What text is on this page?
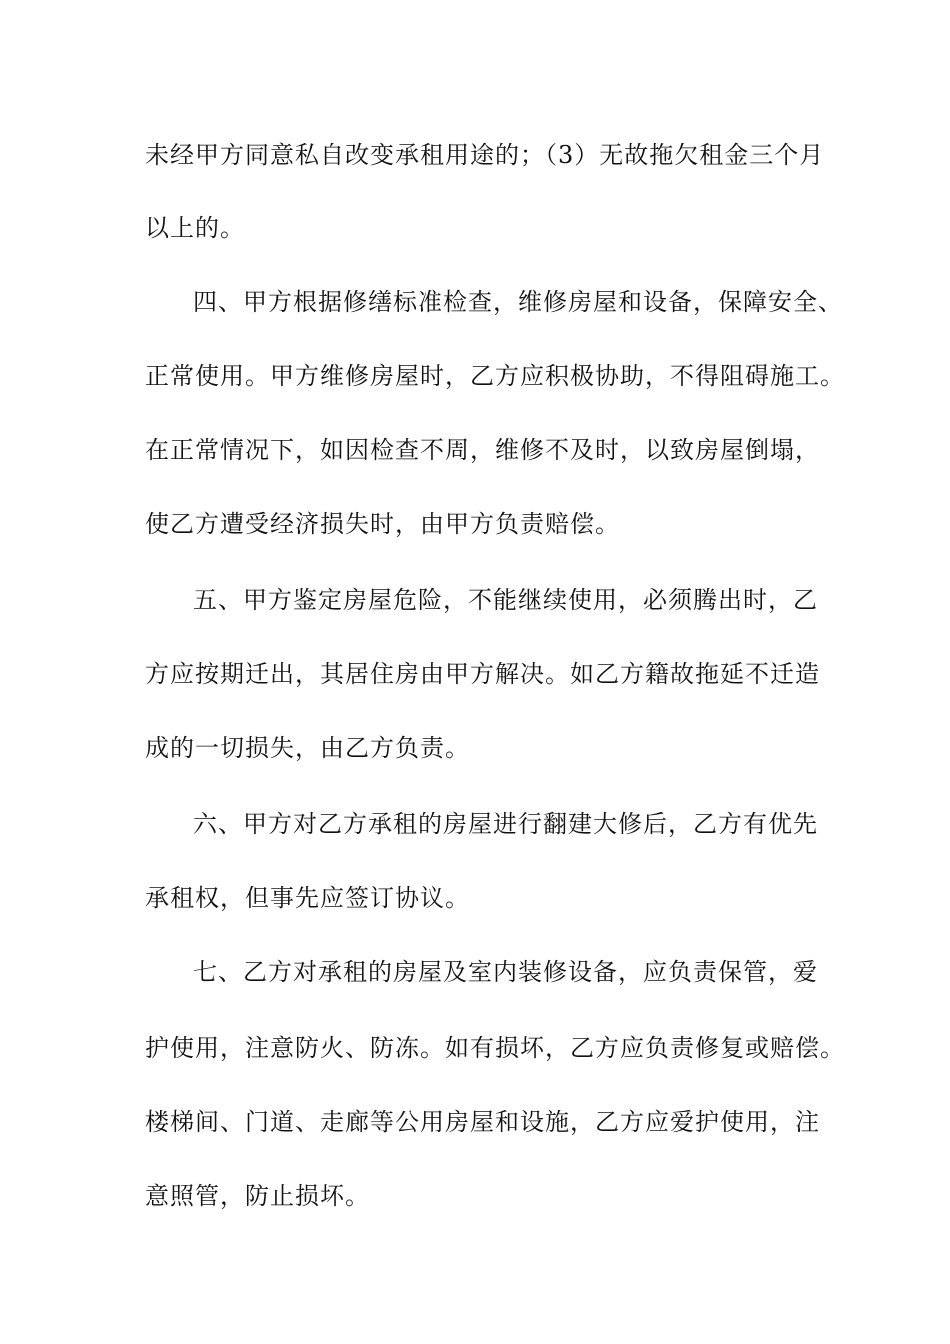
未经甲方同意私自改变承租用途的；（3）无故拖欠租金三个月

以上的。

四、甲方根据修缮标准检查，维修房屋和设备，保障安全、

正常使用。甲方维修房屋时，乙方应积极协助，不得阻碍施工。

在正常情况下，如因检查不周，维修不及时，以致房屋倒塌，

使乙方遭受经济损失时，由甲方负责赔偿。

五、甲方鉴定房屋危险，不能继续使用，必须腾出时，乙

方应按期迁出，其居住房由甲方解决。如乙方籍故拖延不迁造

成的一切损失，由乙方负责。

六、甲方对乙方承租的房屋进行翻建大修后，乙方有优先

承租权，但事先应签订协议。

七、乙方对承租的房屋及室内装修设备，应负责保管，爱

护使用，注意防火、防冻。如有损坏，乙方应负责修复或赔偿。

楼梯间、门道、走廊等公用房屋和设施，乙方应爱护使用，注

意照管，防止损坏。
